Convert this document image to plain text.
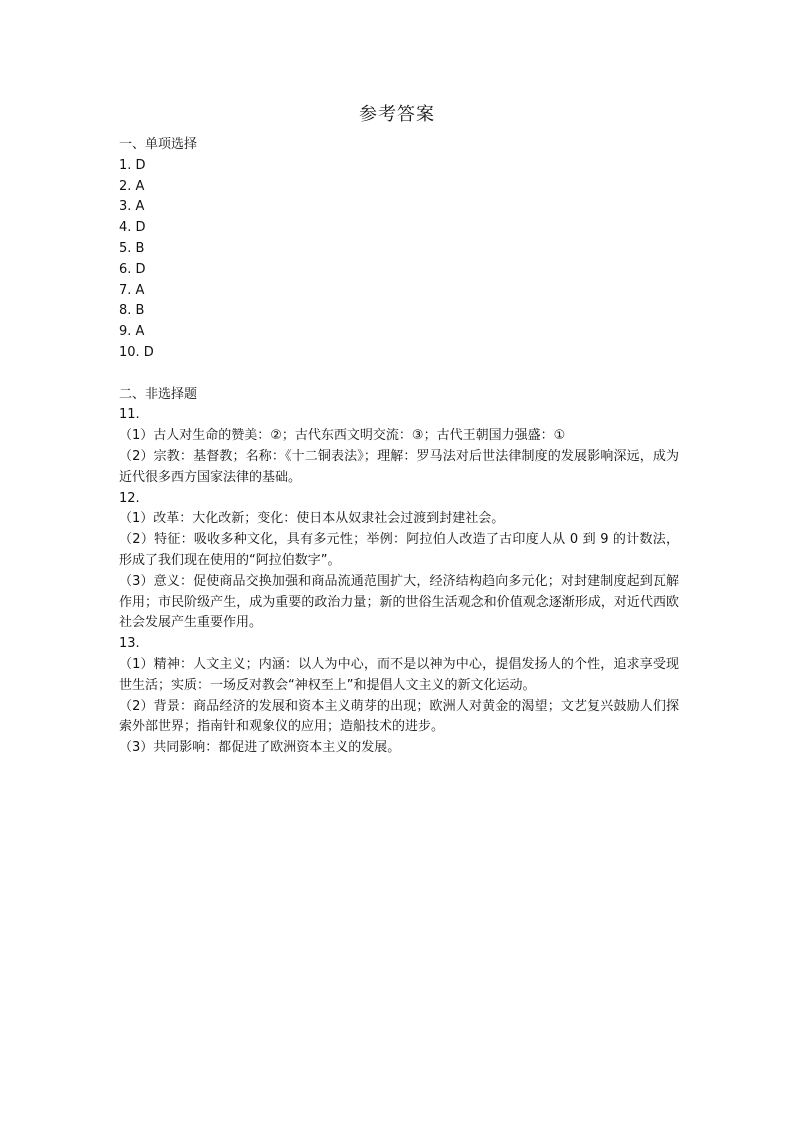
参考答案
一、单项选择
1. D
2. A
3. A
4. D
5. B
6. D
7. A
8. B
9. A
10. D
二、非选择题
11.
（1）古人对生命的赞美：②；古代东西文明交流：③；古代王朝国力强盛：①
（2）宗教：基督教；名称：《十二铜表法》；理解：罗马法对后世法律制度的发展影响深远，成为近代很多西方国家法律的基础。
12.
（1）改革：大化改新；变化：使日本从奴隶社会过渡到封建社会。
（2）特征：吸收多种文化，具有多元性；举例：阿拉伯人改造了古印度人从 0 到 9 的计数法，形成了我们现在使用的“阿拉伯数字”。
（3）意义：促使商品交换加强和商品流通范围扩大，经济结构趋向多元化；对封建制度起到瓦解作用；市民阶级产生，成为重要的政治力量；新的世俗生活观念和价值观念逐渐形成，对近代西欧社会发展产生重要作用。
13.
（1）精神：人文主义；内涵：以人为中心，而不是以神为中心，提倡发扬人的个性，追求享受现世生活；实质：一场反对教会“神权至上”和提倡人文主义的新文化运动。
（2）背景：商品经济的发展和资本主义萌芽的出现；欧洲人对黄金的渴望；文艺复兴鼓励人们探索外部世界；指南针和观象仪的应用；造船技术的进步。
（3）共同影响：都促进了欧洲资本主义的发展。
